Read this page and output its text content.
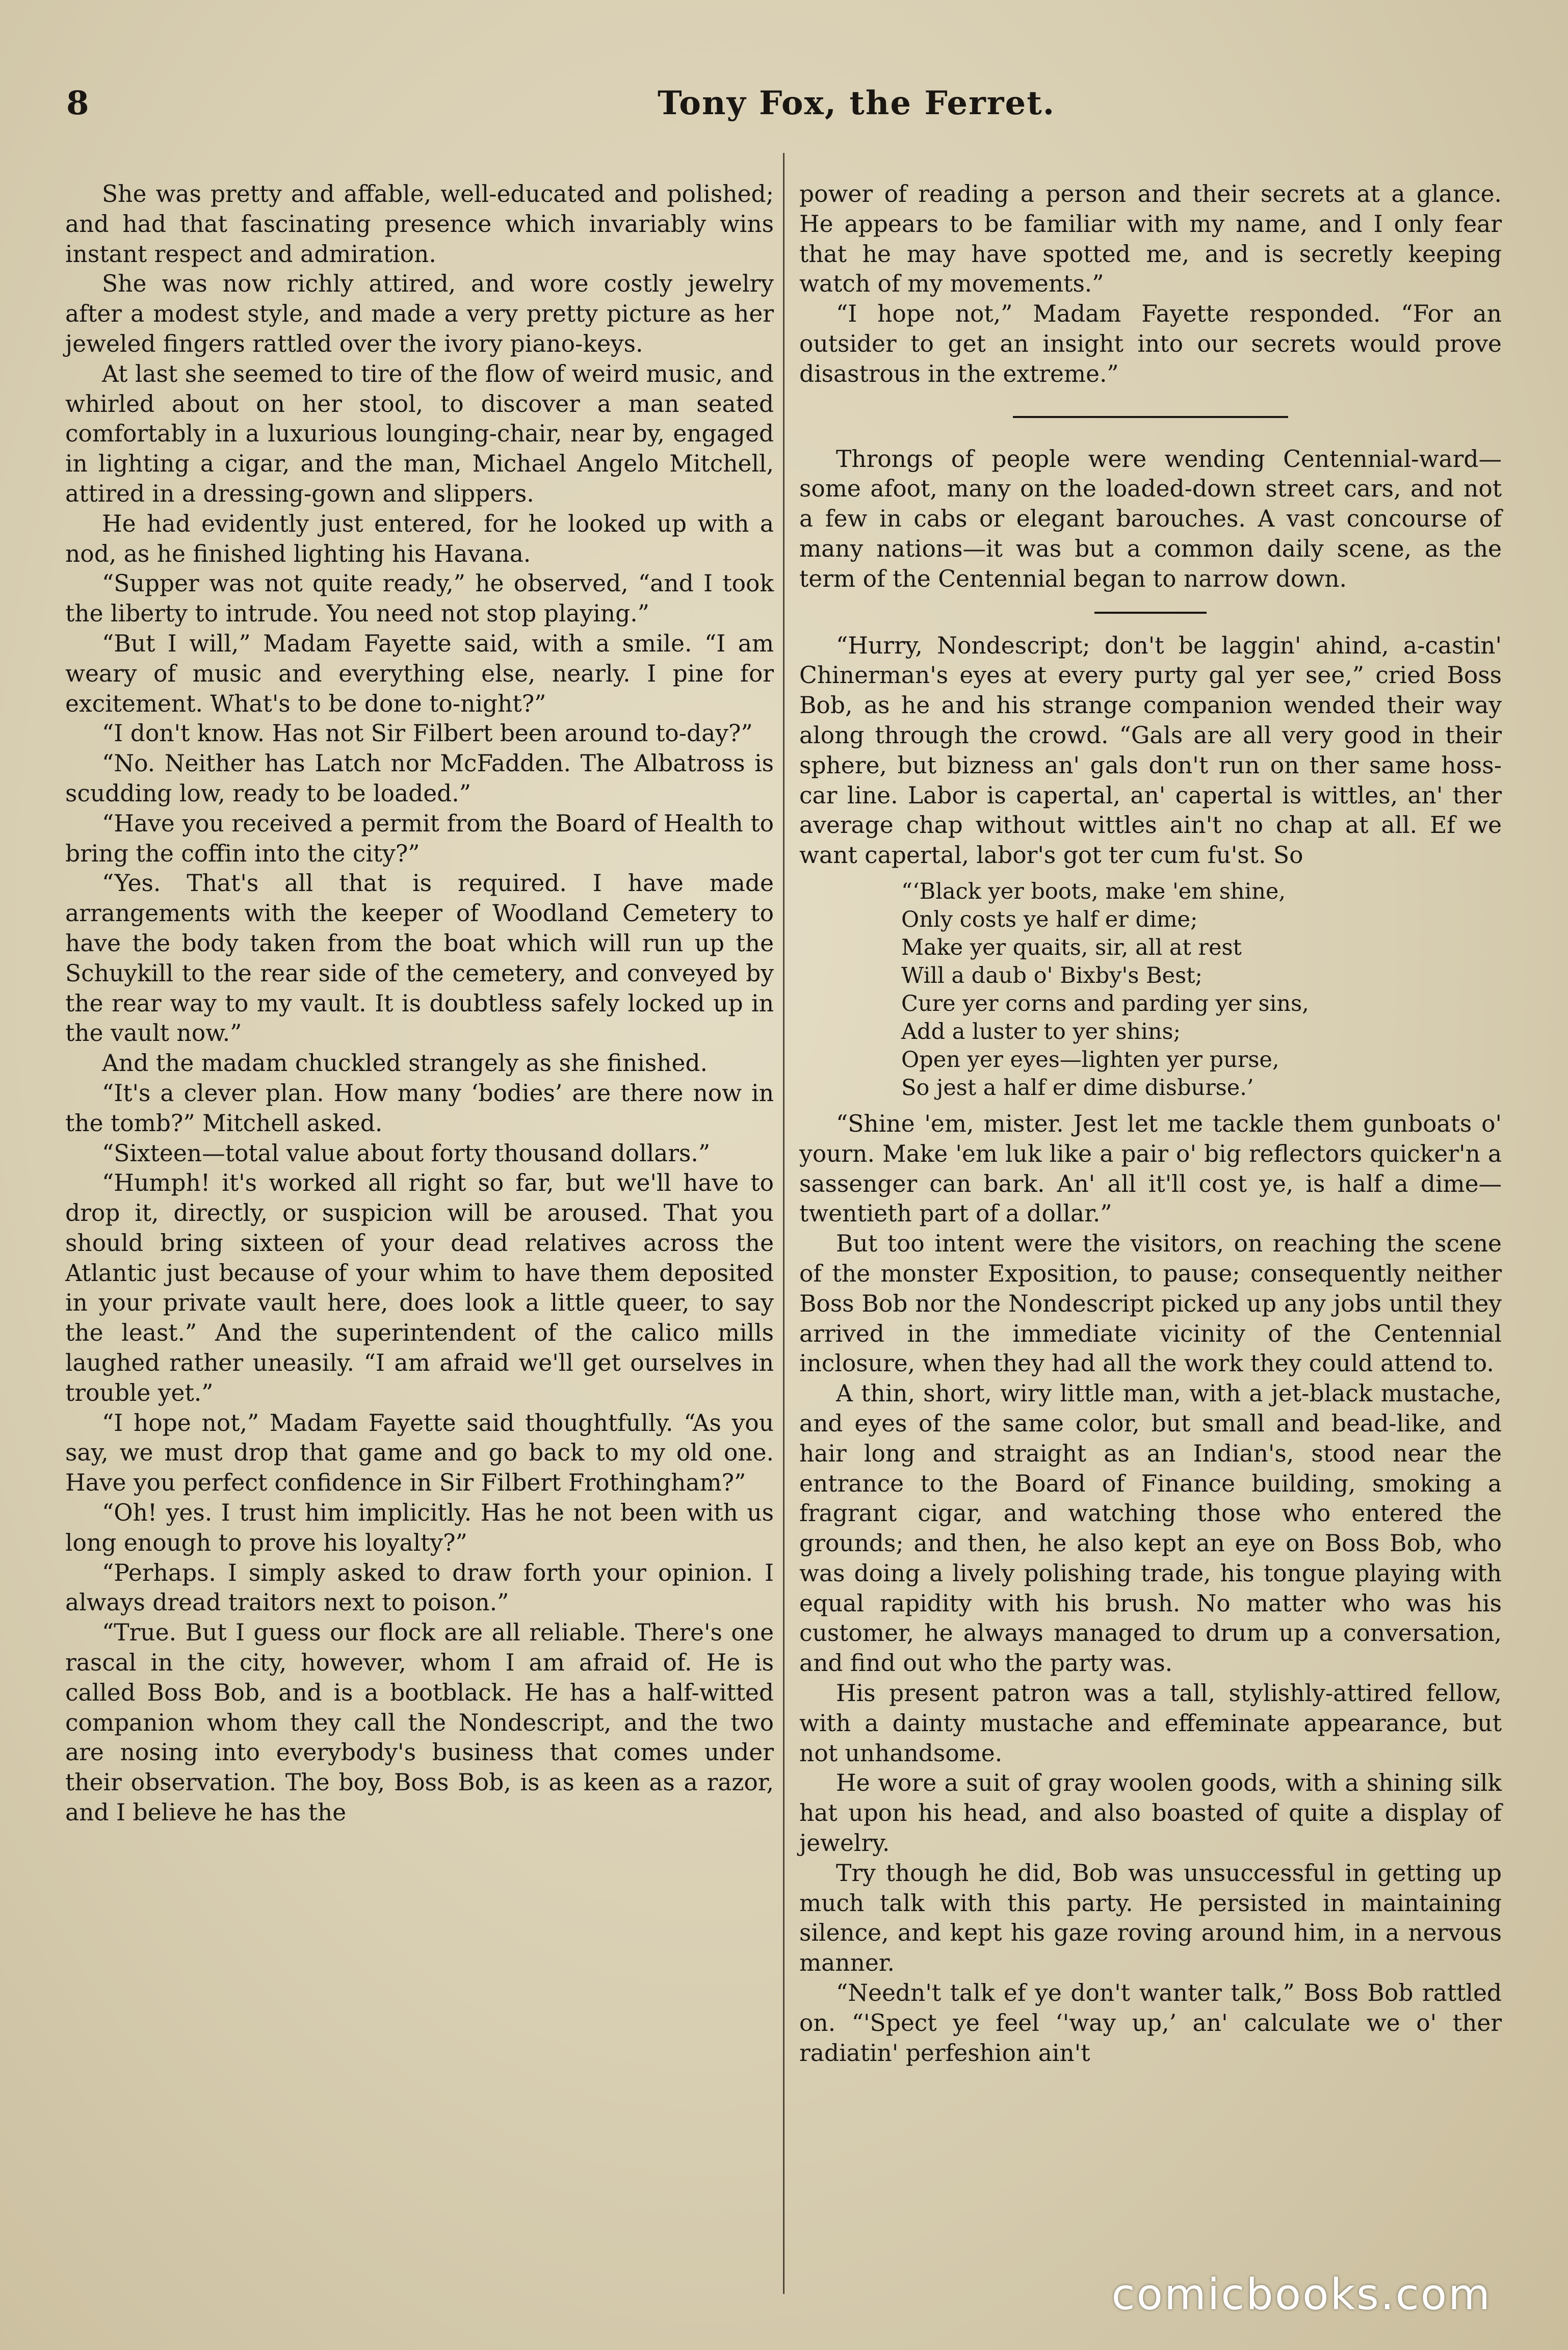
8	Tony Fox, the Ferret.

She was pretty and affable, well-educated and polished; and had that fascinating presence which invariably wins instant respect and admiration.

She was now richly attired, and wore costly jewelry after a modest style, and made a very pretty picture as her jeweled fingers rattled over the ivory piano-keys.

At last she seemed to tire of the flow of weird music, and whirled about on her stool, to discover a man seated comfortably in a luxurious lounging-chair, near by, engaged in lighting a cigar, and the man, Michael Angelo Mitchell, attired in a dressing-gown and slippers.

He had evidently just entered, for he looked up with a nod, as he finished lighting his Havana.

“Supper was not quite ready,” he observed, “and I took the liberty to intrude. You need not stop playing.”

“But I will,” Madam Fayette said, with a smile. “I am weary of music and everything else, nearly. I pine for excitement. What's to be done to-night?”

“I don't know. Has not Sir Filbert been around to-day?”

“No. Neither has Latch nor McFadden. The Albatross is scudding low, ready to be loaded.”

“Have you received a permit from the Board of Health to bring the coffin into the city?”

“Yes. That's all that is required. I have made arrangements with the keeper of Woodland Cemetery to have the body taken from the boat which will run up the Schuykill to the rear side of the cemetery, and conveyed by the rear way to my vault. It is doubtless safely locked up in the vault now.”

And the madam chuckled strangely as she finished.

“It's a clever plan. How many ‘bodies’ are there now in the tomb?” Mitchell asked.

“Sixteen—total value about forty thousand dollars.”

“Humph! it's worked all right so far, but we'll have to drop it, directly, or suspicion will be aroused. That you should bring sixteen of your dead relatives across the Atlantic just because of your whim to have them deposited in your private vault here, does look a little queer, to say the least.” And the superintendent of the calico mills laughed rather uneasily. “I am afraid we'll get ourselves in trouble yet.”

“I hope not,” Madam Fayette said thoughtfully. “As you say, we must drop that game and go back to my old one. Have you perfect confidence in Sir Filbert Frothingham?”

“Oh! yes. I trust him implicitly. Has he not been with us long enough to prove his loyalty?”

“Perhaps. I simply asked to draw forth your opinion. I always dread traitors next to poison.”

“True. But I guess our flock are all reliable. There's one rascal in the city, however, whom I am afraid of. He is called Boss Bob, and is a bootblack. He has a half-witted companion whom they call the Nondescript, and the two are nosing into everybody's business that comes under their observation. The boy, Boss Bob, is as keen as a razor, and I believe he has the

power of reading a person and their secrets at a glance. He appears to be familiar with my name, and I only fear that he may have spotted me, and is secretly keeping watch of my movements.”

“I hope not,” Madam Fayette responded. “For an outsider to get an insight into our secrets would prove disastrous in the extreme.”

Throngs of people were wending Centennial-ward—some afoot, many on the loaded-down street cars, and not a few in cabs or elegant barouches. A vast concourse of many nations—it was but a common daily scene, as the term of the Centennial began to narrow down.

“Hurry, Nondescript; don't be laggin' ahind, a-castin' Chinerman's eyes at every purty gal yer see,” cried Boss Bob, as he and his strange companion wended their way along through the crowd. “Gals are all very good in their sphere, but bizness an' gals don't run on ther same hoss-car line. Labor is capertal, an' capertal is wittles, an' ther average chap without wittles ain't no chap at all. Ef we want capertal, labor's got ter cum fu'st. So

“‘Black yer boots, make 'em shine,
Only costs ye half er dime;
Make yer quaits, sir, all at rest
Will a daub o' Bixby's Best;
Cure yer corns and parding yer sins,
Add a luster to yer shins;
Open yer eyes—lighten yer purse,
So jest a half er dime disburse.’

“Shine 'em, mister. Jest let me tackle them gunboats o' yourn. Make 'em luk like a pair o' big reflectors quicker'n a sassenger can bark. An' all it'll cost ye, is half a dime—twentieth part of a dollar.”

But too intent were the visitors, on reaching the scene of the monster Exposition, to pause; consequently neither Boss Bob nor the Nondescript picked up any jobs until they arrived in the immediate vicinity of the Centennial inclosure, when they had all the work they could attend to.

A thin, short, wiry little man, with a jet-black mustache, and eyes of the same color, but small and bead-like, and hair long and straight as an Indian's, stood near the entrance to the Board of Finance building, smoking a fragrant cigar, and watching those who entered the grounds; and then, he also kept an eye on Boss Bob, who was doing a lively polishing trade, his tongue playing with equal rapidity with his brush. No matter who was his customer, he always managed to drum up a conversation, and find out who the party was.

His present patron was a tall, stylishly-attired fellow, with a dainty mustache and effeminate appearance, but not unhandsome.

He wore a suit of gray woolen goods, with a shining silk hat upon his head, and also boasted of quite a display of jewelry.

Try though he did, Bob was unsuccessful in getting up much talk with this party. He persisted in maintaining silence, and kept his gaze roving around him, in a nervous manner.

“Needn't talk ef ye don't wanter talk,” Boss Bob rattled on. “'Spect ye feel ‘'way up,’ an' calculate we o' ther radiatin' perfeshion ain't

comicbooks.com
